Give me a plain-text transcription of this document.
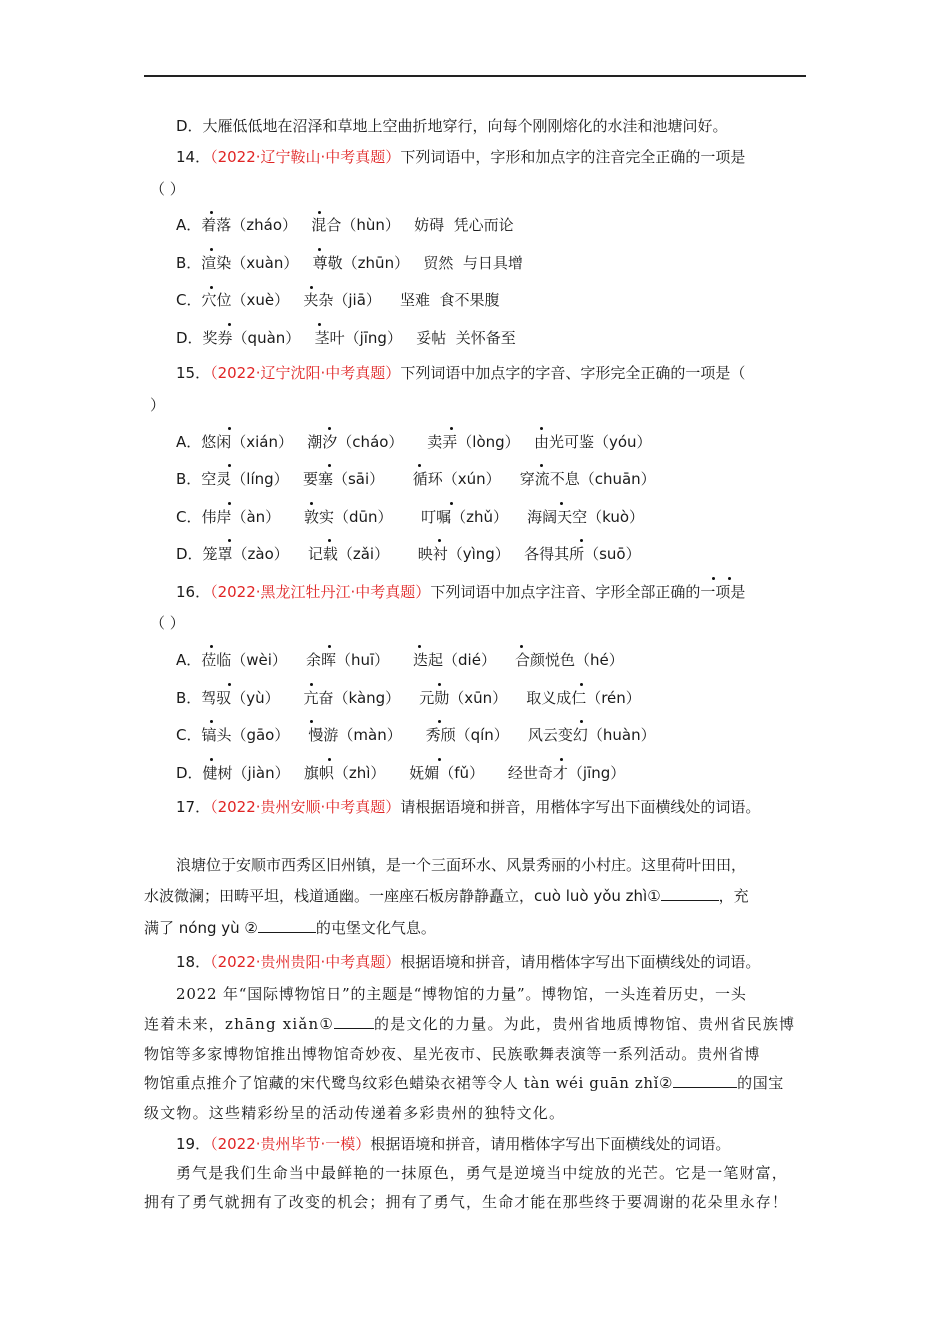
D．大雁低低地在沼泽和草地上空曲折地穿行，向每个刚刚熔化的水洼和池塘问好。
14．（2022·辽宁鞍山·中考真题）下列词语中，字形和加点字的注音完全正确的一项是
（ ）
A．着落（zháo）   混合（hùn）   妨碍  凭心而论
B．渲染（xuàn）   尊敬（zhūn）   贸然  与日具增
C．穴位（xuè）   夹杂（jiā）    坚难  食不果腹
D．奖券（quàn）   茎叶（jīng）   妥帖  关怀备至
15．（2022·辽宁沈阳·中考真题）下列词语中加点字的字音、字形完全正确的一项是（
）
A．悠闲（xián）   潮汐（cháo）     卖弄（lòng）   由光可鉴（yóu）
B．空灵（líng）   要塞（sāi）      循环（xún）    穿流不息（chuān）
C．伟岸（àn）     敦实（dūn）      叮嘱（zhǔ）    海阔天空（kuò）
D．笼罩（zào）    记载（zǎi）      映衬（yìng）   各得其所（suō）
16．（2022·黑龙江牡丹江·中考真题）下列词语中加点字注音、字形全部正确的一项是
（ ）
A．莅临（wèi）    余晖（huī）     迭起（dié）    合颜悦色（hé）
B．驾驭（yù）     亢奋（kàng）    元勋（xūn）    取义成仁（rén）
C．镐头（gāo）    慢游（màn）     秀颀（qín）    风云变幻（huàn）
D．健树（jiàn）   旗帜（zhì）     妩媚（fǔ）     经世奇才（jīng）
17．（2022·贵州安顺·中考真题）请根据语境和拼音，用楷体字写出下面横线处的词语。
浪塘位于安顺市西秀区旧州镇，是一个三面环水、风景秀丽的小村庄。这里荷叶田田，
水波微澜；田畴平坦，栈道通幽。一座座石板房静静矗立，cuò luò yǒu zhì①	，充
满了 nóng yù ②	的屯堡文化气息。
18．（2022·贵州贵阳·中考真题）根据语境和拼音，请用楷体字写出下面横线处的词语。
2022 年“国际博物馆日”的主题是“博物馆的力量”。博物馆，一头连着历史，一头
连着未来，zhāng xiǎn①	的是文化的力量。为此，贵州省地质博物馆、贵州省民族博
物馆等多家博物馆推出博物馆奇妙夜、星光夜市、民族歌舞表演等一系列活动。贵州省博
物馆重点推介了馆藏的宋代鹭鸟纹彩色蜡染衣裙等令人 tàn wéi guān zhǐ②	的国宝
级文物。这些精彩纷呈的活动传递着多彩贵州的独特文化。
19．（2022·贵州毕节·一模）根据语境和拼音，请用楷体字写出下面横线处的词语。
勇气是我们生命当中最鲜艳的一抹原色，勇气是逆境当中绽放的光芒。它是一笔财富，
拥有了勇气就拥有了改变的机会；拥有了勇气，生命才能在那些终于要凋谢的花朵里永存！
